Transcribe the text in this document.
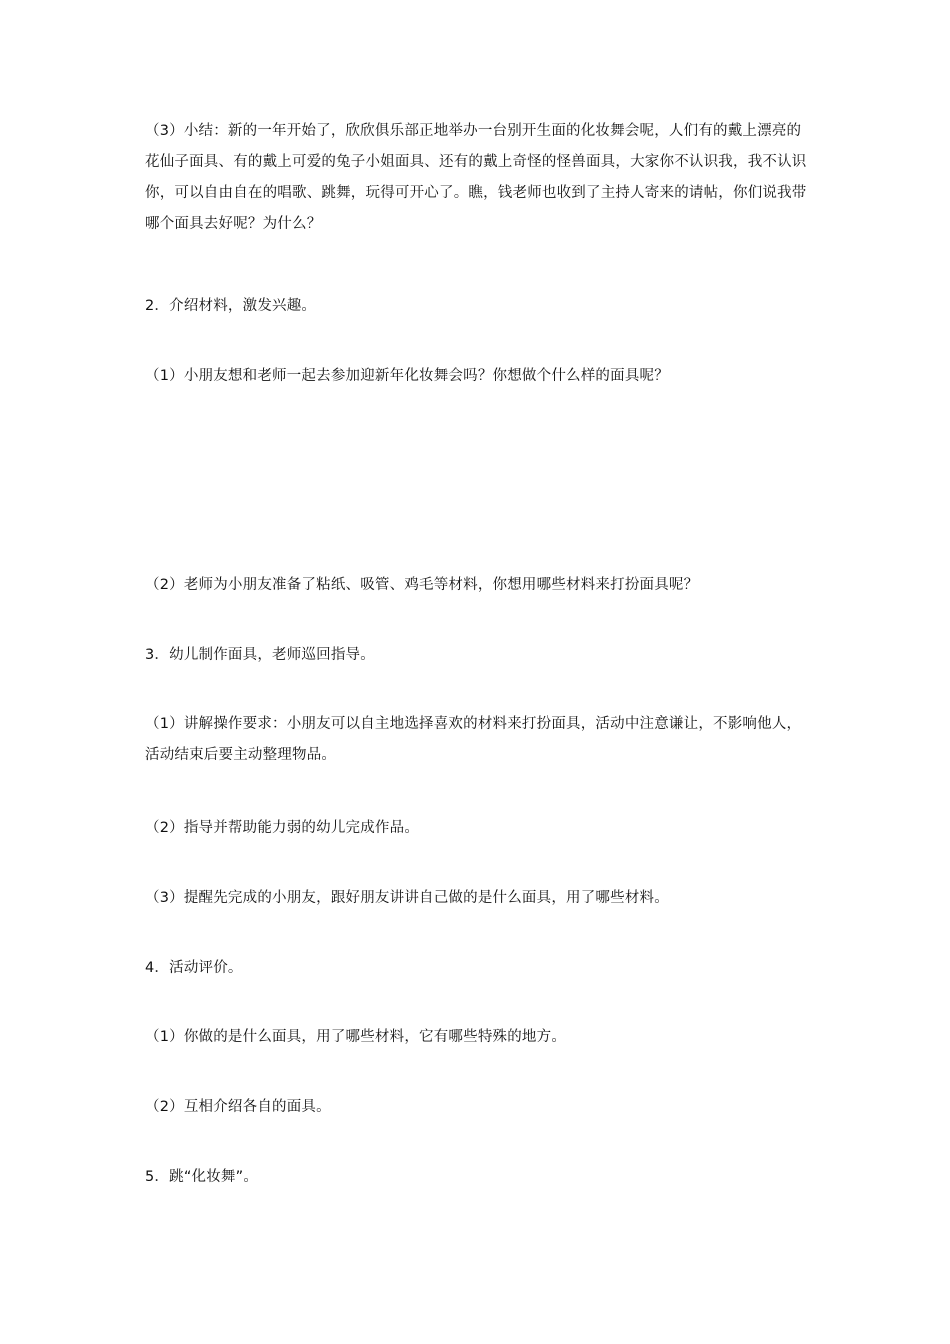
（3）小结：新的一年开始了，欣欣俱乐部正地举办一台别开生面的化妆舞会呢，人们有的戴上漂亮的花仙子面具、有的戴上可爱的兔子小姐面具、还有的戴上奇怪的怪兽面具，大家你不认识我，我不认识你，可以自由自在的唱歌、跳舞，玩得可开心了。瞧，钱老师也收到了主持人寄来的请帖，你们说我带哪个面具去好呢？为什么？

2．介绍材料，激发兴趣。

（1）小朋友想和老师一起去参加迎新年化妆舞会吗？你想做个什么样的面具呢？

（2）老师为小朋友准备了粘纸、吸管、鸡毛等材料，你想用哪些材料来打扮面具呢？

3．幼儿制作面具，老师巡回指导。

（1）讲解操作要求：小朋友可以自主地选择喜欢的材料来打扮面具，活动中注意谦让，不影响他人，活动结束后要主动整理物品。

（2）指导并帮助能力弱的幼儿完成作品。

（3）提醒先完成的小朋友，跟好朋友讲讲自己做的是什么面具，用了哪些材料。

4．活动评价。

（1）你做的是什么面具，用了哪些材料，它有哪些特殊的地方。

（2）互相介绍各自的面具。

5．跳“化妆舞”。
